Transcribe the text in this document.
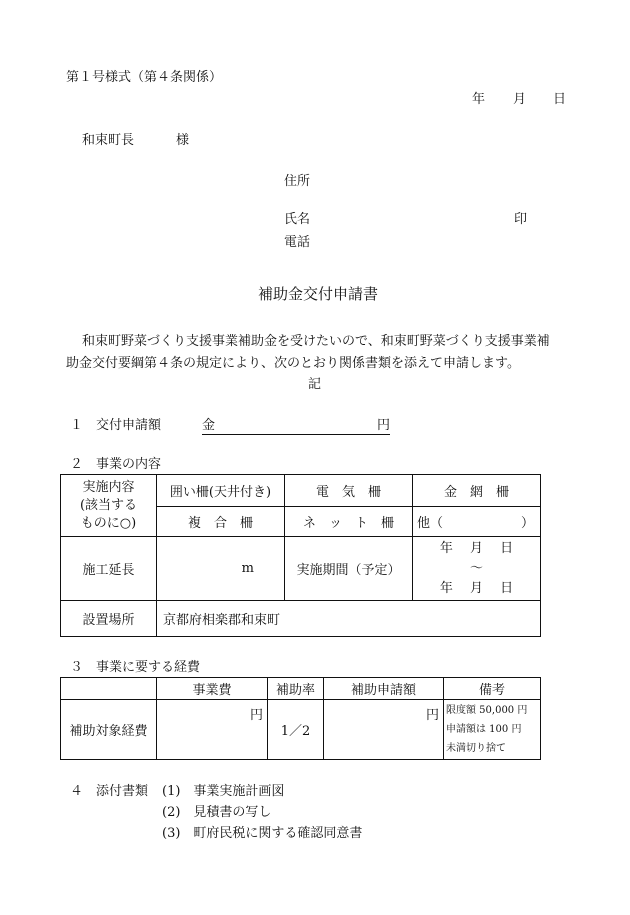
第１号様式（第４条関係）
年 月 日
和束町長	様
住所
氏名	印
電話
補助金交付申請書
和束町野菜づくり支援事業補助金を受けたいので、和束町野菜づくり支援事業補
助金交付要綱第４条の規定により、次のとおり関係書類を添えて申請します。
記
１　交付申請額	金	円
２　事業の内容
実施内容
(該当する
ものに○)	囲い柵(天井付き)	電　気　柵	金　網　柵
	複　合　柵	ネ　ッ　ト　柵	他（ ）

施工延長	m	実施期間（予定）	年　 月　 日
～
年　 月　 日

設置場所	京都府相楽郡和束町		
３　事業に要する経費
	事業費	補助率	補助申請額	備考
補助対象経費	円	1／2	円	限度額 50,000 円
申請額は 100 円
未満切り捨て
４　添付書類 (1)　事業実施計画図
(2)　見積書の写し
(3)　町府民税に関する確認同意書
